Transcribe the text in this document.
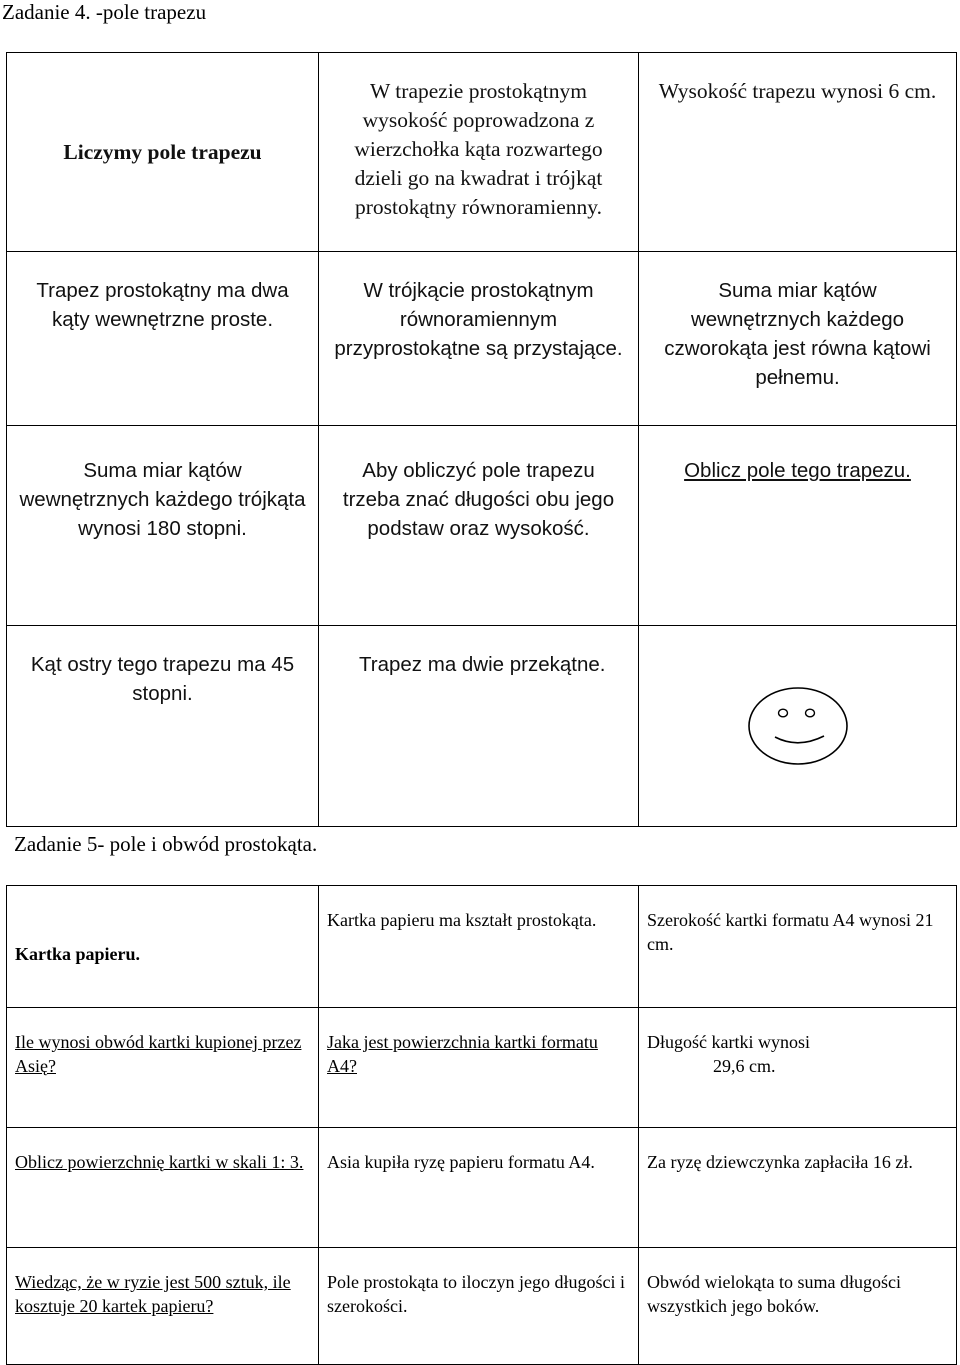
Zadanie 4. -pole trapezu
Liczymy pole trapezu	W trapezie prostokątnym wysokość poprowadzona z wierzchołka kąta rozwartego dzieli go na kwadrat i trójkąt prostokątny równoramienny.	Wysokość trapezu wynosi 6 cm.
Trapez prostokątny ma dwa kąty wewnętrzne proste.	W trójkącie prostokątnym równoramiennym przyprostokątne są przystające.	Suma miar kątów wewnętrznych każdego czworokąta jest równa kątowi pełnemu.
Suma miar kątów wewnętrznych każdego trójkąta wynosi 180 stopni.	Aby obliczyć pole trapezu trzeba znać długości obu jego podstaw oraz wysokość.	Oblicz pole tego trapezu.
Kąt ostry tego trapezu ma 45 stopni.	Trapez ma dwie przekątne.	
Zadanie 5- pole i obwód prostokąta.
Kartka papieru.	Kartka papieru ma kształt prostokąta.	Szerokość kartki formatu A4 wynosi 21 cm.
Ile wynosi obwód kartki kupionej przez Asię?	Jaka jest powierzchnia kartki formatu A4?	Długość kartki wynosi
29,6 cm.

Oblicz powierzchnię kartki w skali 1: 3.	Asia kupiła ryzę papieru formatu A4.	Za ryzę dziewczynka zapłaciła 16 zł.
Wiedząc, że w ryzie jest 500 sztuk, ile kosztuje 20 kartek papieru?	Pole prostokąta to iloczyn jego długości i szerokości.	Obwód wielokąta to suma długości wszystkich jego boków.
